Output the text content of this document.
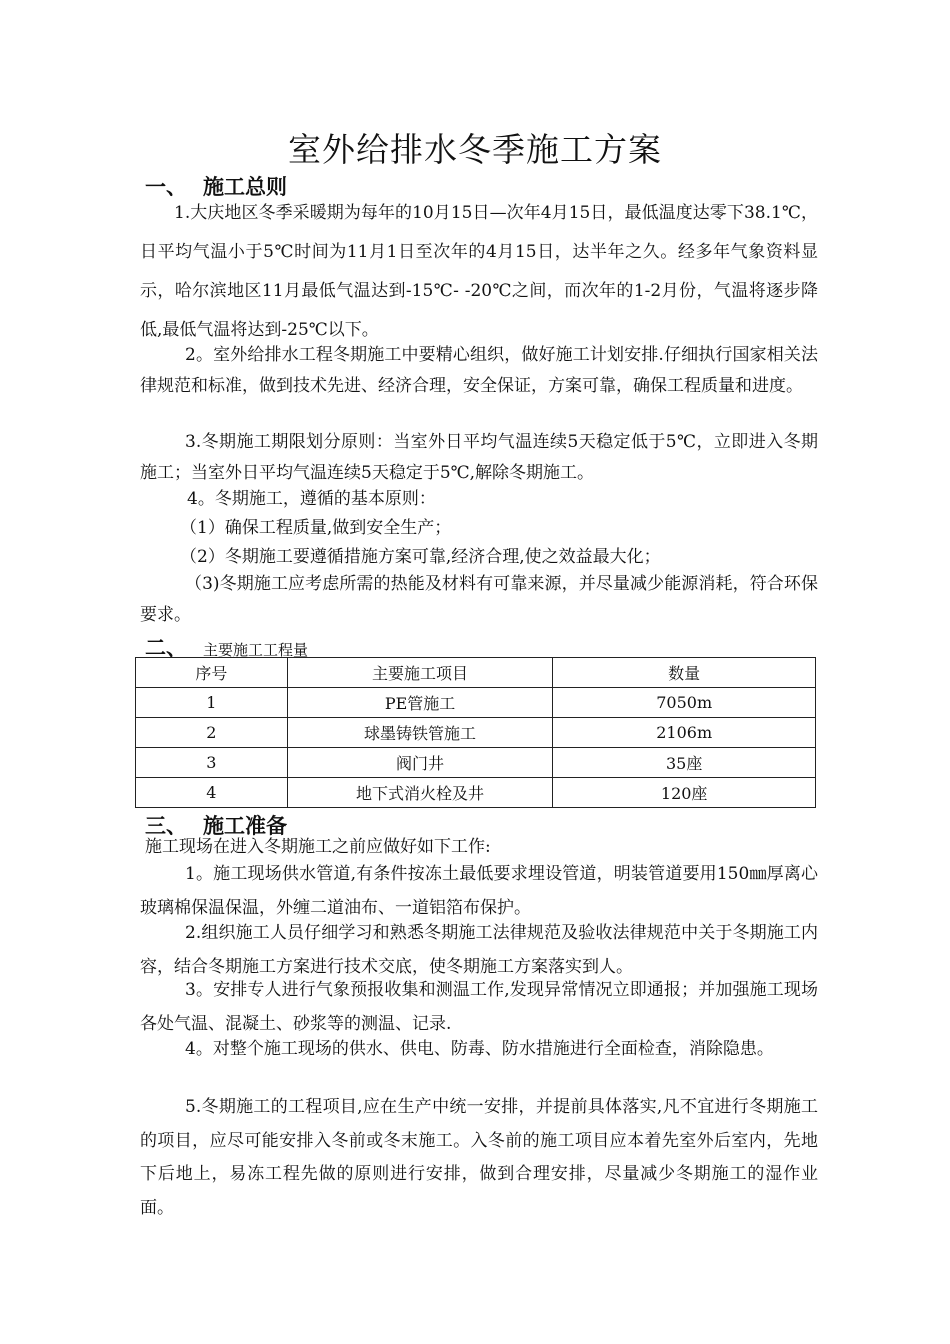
室外给排水冬季施工方案
一、 施工总则

1.大庆地区冬季采暖期为每年的10月15日—次年4月15日，最低温度达零下38.1℃，日平均气温小于5℃时间为11月1日至次年的4月15日，达半年之久。经多年气象资料显示，哈尔滨地区11月最低气温达到-15℃- -20℃之间，而次年的1-2月份，气温将逐步降低,最低气温将达到-25℃以下。

2。室外给排水工程冬期施工中要精心组织，做好施工计划安排.仔细执行国家相关法律规范和标准，做到技术先进、经济合理，安全保证，方案可靠，确保工程质量和进度。

3.冬期施工期限划分原则：当室外日平均气温连续5天稳定低于5℃，立即进入冬期施工；当室外日平均气温连续5天稳定于5℃,解除冬期施工。

4。冬期施工，遵循的基本原则：
（1）确保工程质量,做到安全生产；
（2）冬期施工要遵循措施方案可靠,经济合理,使之效益最大化；

（3)冬期施工应考虑所需的热能及材料有可靠来源，并尽量减少能源消耗，符合环保要求。

二、 主要施工工程量
序号	主要施工项目	数量
1	PE管施工	7050m
2	球墨铸铁管施工	2106m
3	阀门井	35座
4	地下式消火栓及井	120座
三、 施工准备
施工现场在进入冬期施工之前应做好如下工作:

1。施工现场供水管道,有条件按冻土最低要求埋设管道，明装管道要用150㎜厚离心玻璃棉保温保温，外缠二道油布、一道铝箔布保护。

2.组织施工人员仔细学习和熟悉冬期施工法律规范及验收法律规范中关于冬期施工内容，结合冬期施工方案进行技术交底，使冬期施工方案落实到人。

3。安排专人进行气象预报收集和测温工作,发现异常情况立即通报；并加强施工现场各处气温、混凝土、砂浆等的测温、记录.

4。对整个施工现场的供水、供电、防毒、防水措施进行全面检查，消除隐患。

5.冬期施工的工程项目,应在生产中统一安排，并提前具体落实,凡不宜进行冬期施工的项目，应尽可能安排入冬前或冬末施工。入冬前的施工项目应本着先室外后室内，先地下后地上，易冻工程先做的原则进行安排，做到合理安排，尽量减少冬期施工的湿作业面。
